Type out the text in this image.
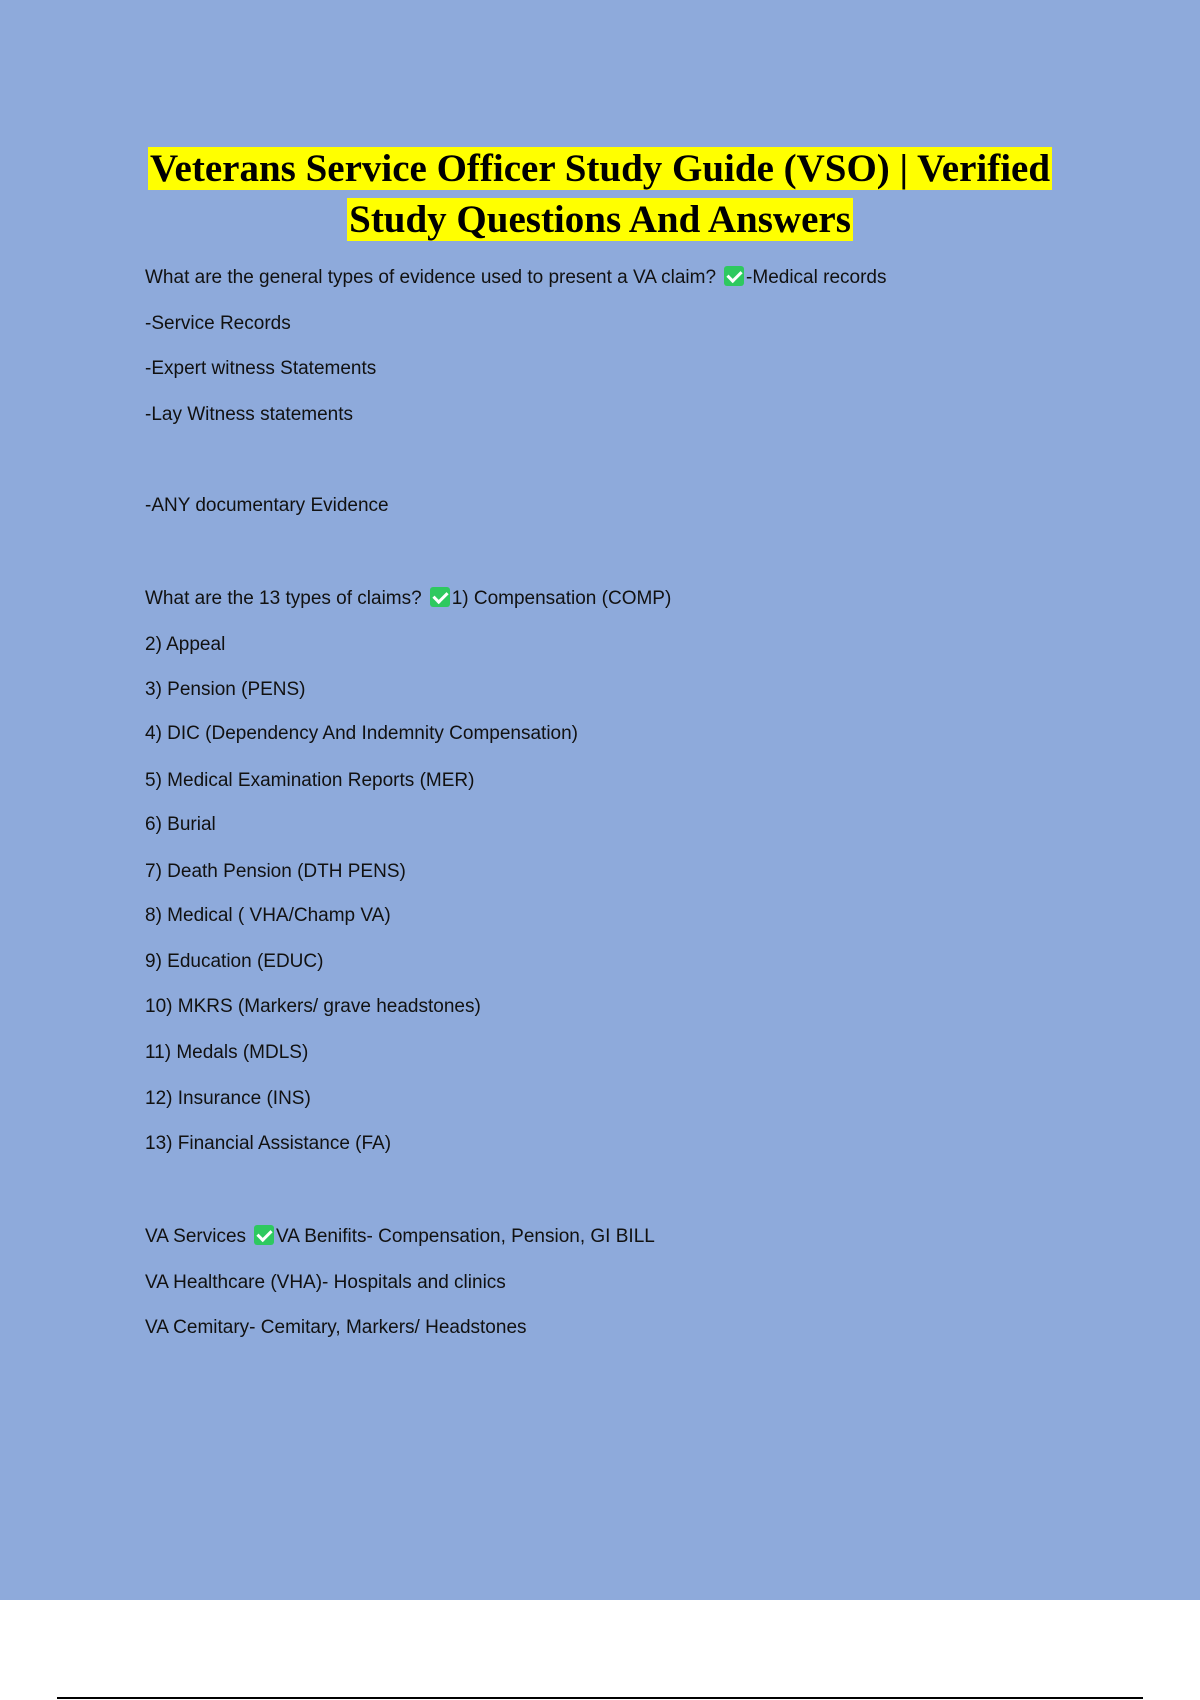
Veterans Service Officer Study Guide (VSO) | Verified
Study Questions And Answers
What are the general types of evidence used to present a VA claim? -Medical records
-Service Records
-Expert witness Statements
-Lay Witness statements
-ANY documentary Evidence
What are the 13 types of claims? 1) Compensation (COMP)
2) Appeal
3) Pension (PENS)
4) DIC (Dependency And Indemnity Compensation)
5) Medical Examination Reports (MER)
6) Burial
7) Death Pension (DTH PENS)
8) Medical ( VHA/Champ VA)
9) Education (EDUC)
10) MKRS (Markers/ grave headstones)
11) Medals (MDLS)
12) Insurance (INS)
13) Financial Assistance (FA)
VA Services VA Benifits- Compensation, Pension, GI BILL
VA Healthcare (VHA)- Hospitals and clinics
VA Cemitary- Cemitary, Markers/ Headstones
